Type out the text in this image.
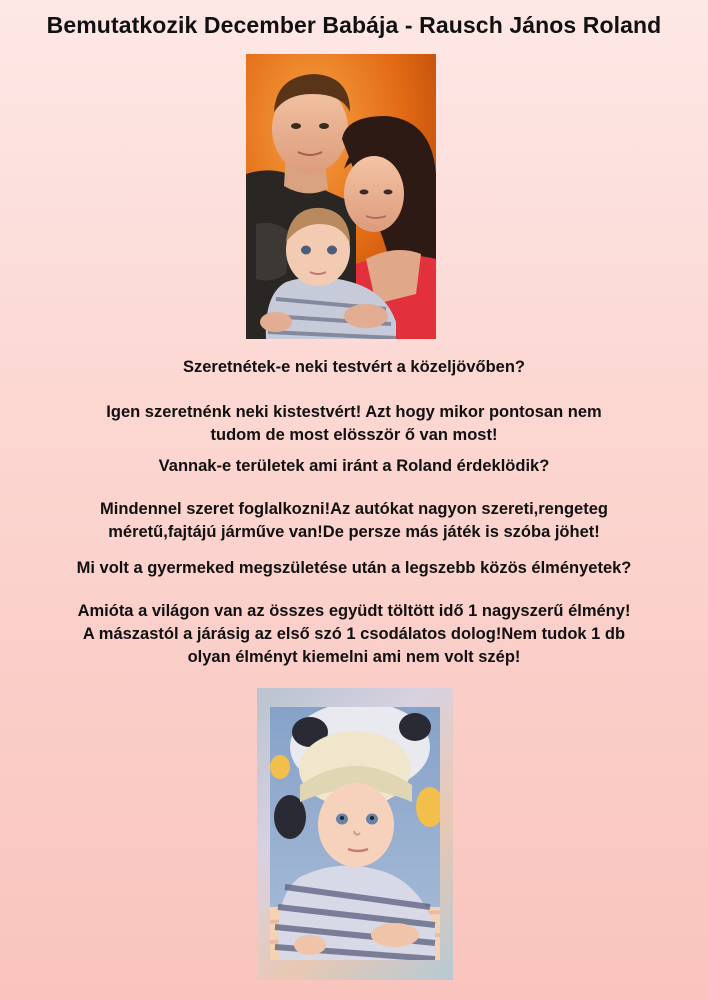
Bemutatkozik December Babája - Rausch János Roland
Szeretnétek-e neki testvért a közeljövőben?
Igen szeretnénk neki kistestvért! Azt hogy mikor pontosan nem
tudom de most elösször ő van most!
Vannak-e területek ami iránt a Roland érdeklödik?
Mindennel szeret foglalkozni!Az autókat nagyon szereti,rengeteg
méretű,fajtájú járműve van!De persze más játék is szóba jöhet!
Mi volt a gyermeked megszületése után a legszebb közös élményetek?
Amióta a világon van az összes együdt töltött idő 1 nagyszerű élmény!
A mászastól a járásig az első szó 1 csodálatos dolog!Nem tudok 1 db
olyan élményt kiemelni ami nem volt szép!
